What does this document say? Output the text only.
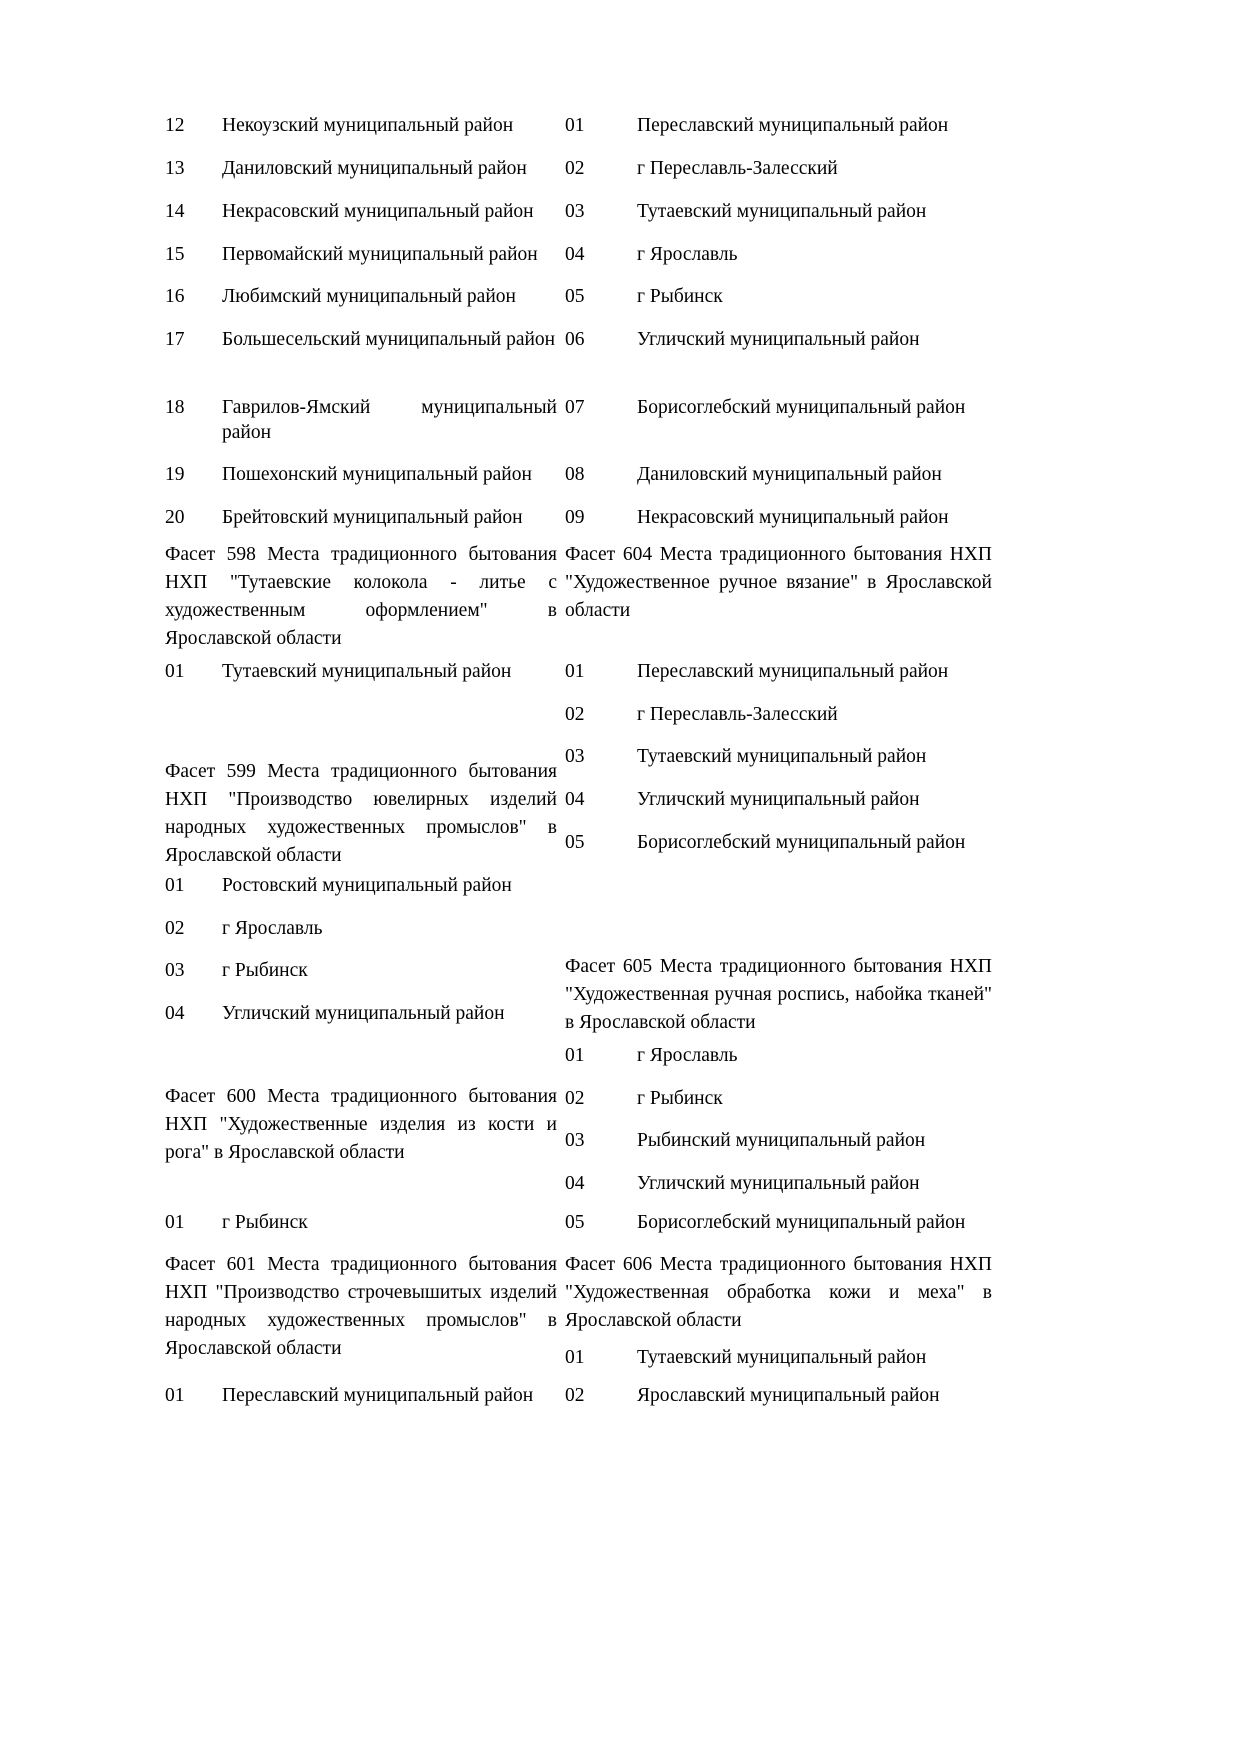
12	Некоузский муниципальный район
13	Даниловский муниципальный район
14	Некрасовский муниципальный район
15	Первомайский муниципальный район
16	Любимский муниципальный район
17	Большесельский муниципальный район
18	Гаврилов-Ямский муниципальный район
19	Пошехонский муниципальный район
20	Брейтовский муниципальный район

Фасет 598 Места традиционного бытования НХП "Тутаевские колокола - литье с художественным оформлением" в Ярославской области

01	Тутаевский муниципальный район

Фасет 599 Места традиционного бытования НХП "Производство ювелирных изделий народных художественных промыслов" в Ярославской области

01	Ростовский муниципальный район
02	г Ярославль
03	г Рыбинск
04	Угличский муниципальный район

Фасет 600 Места традиционного бытования НХП "Художественные изделия из кости и рога" в Ярославской области

01	г Рыбинск

Фасет 601 Места традиционного бытования НХП "Производство строчевышитых изделий народных художественных промыслов" в Ярославской области

01	Переславский муниципальный район
01	Переславский муниципальный район
02	г Переславль-Залесский
03	Тутаевский муниципальный район
04	г Ярославль
05	г Рыбинск
06	Угличский муниципальный район
07	Борисоглебский муниципальный район
08	Даниловский муниципальный район
09	Некрасовский муниципальный район

Фасет 604 Места традиционного бытования НХП "Художественное ручное вязание" в Ярославской области

01	Переславский муниципальный район
02	г Переславль-Залесский
03	Тутаевский муниципальный район
04	Угличский муниципальный район
05	Борисоглебский муниципальный район

Фасет 605 Места традиционного бытования НХП "Художественная ручная роспись, набойка тканей" в Ярославской области

01	г Ярославль
02	г Рыбинск
03	Рыбинский муниципальный район
04	Угличский муниципальный район
05	Борисоглебский муниципальный район

Фасет 606 Места традиционного бытования НХП "Художественная обработка кожи и меха" в Ярославской области

01	Тутаевский муниципальный район
02	Ярославский муниципальный район
